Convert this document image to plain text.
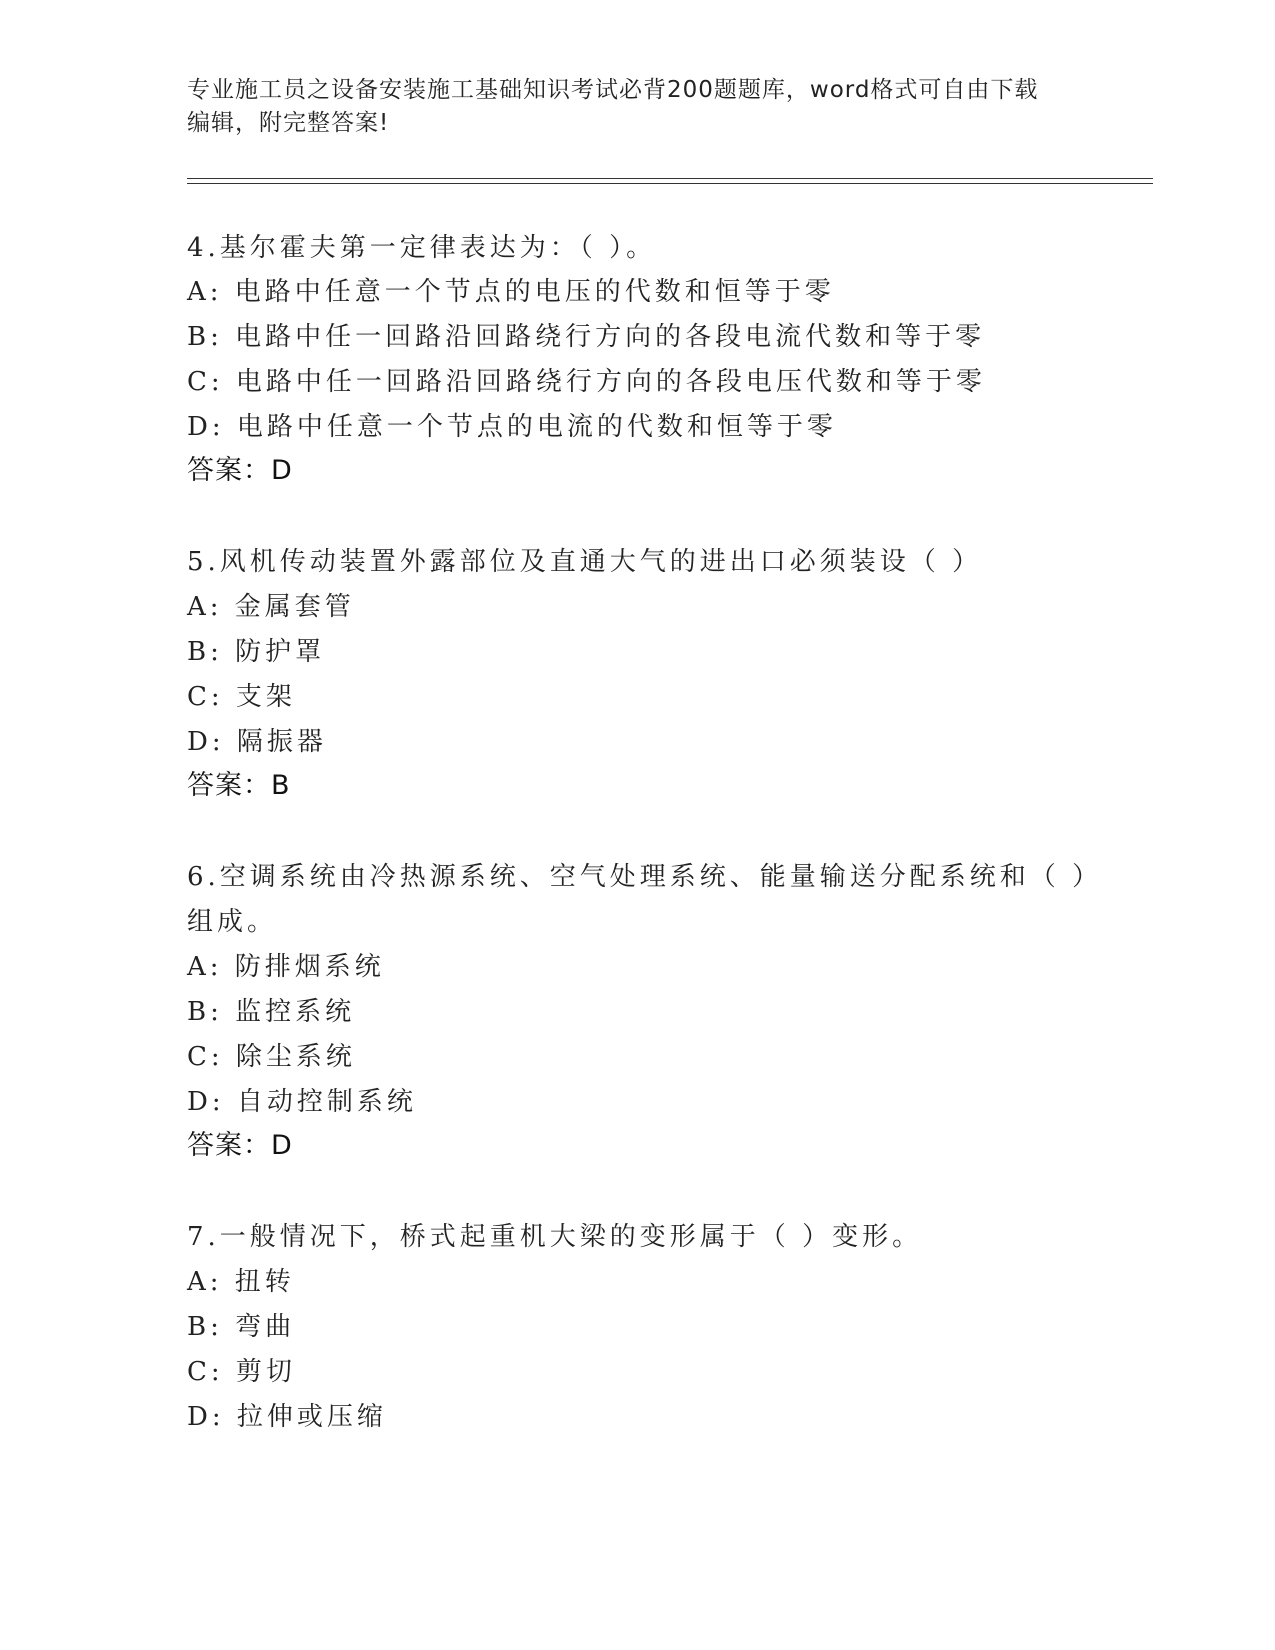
专业施工员之设备安装施工基础知识考试必背200题题库，word格式可自由下载
编辑，附完整答案!

4.基尔霍夫第一定律表达为：（ ）。

A: 电路中任意一个节点的电压的代数和恒等于零

B: 电路中任一回路沿回路绕行方向的各段电流代数和等于零

C: 电路中任一回路沿回路绕行方向的各段电压代数和等于零

D: 电路中任意一个节点的电流的代数和恒等于零

答案：D

5.风机传动装置外露部位及直通大气的进出口必须装设（ ）

A: 金属套管

B: 防护罩

C: 支架

D: 隔振器

答案：B

6.空调系统由冷热源系统、空气处理系统、能量输送分配系统和（ ）

组成。

A: 防排烟系统

B: 监控系统

C: 除尘系统

D: 自动控制系统

答案：D

7.一般情况下，桥式起重机大梁的变形属于（ ）变形。

A: 扭转

B: 弯曲

C: 剪切

D: 拉伸或压缩
